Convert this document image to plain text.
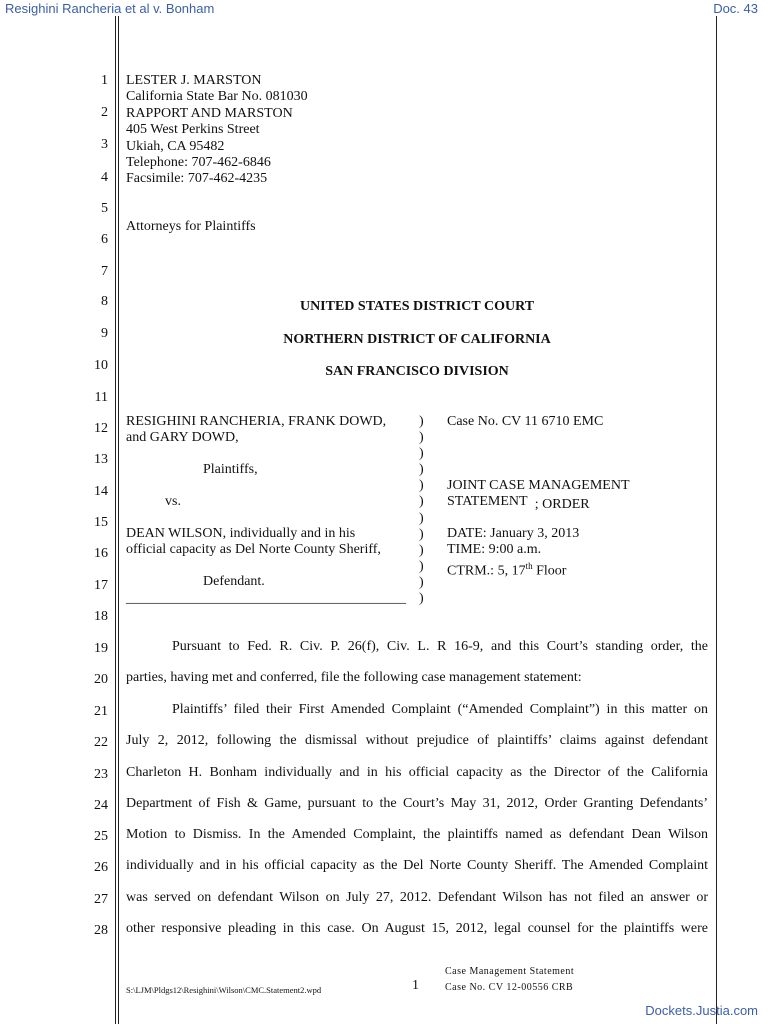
Resighini Rancheria et al v. Bonham	Doc. 43
1
2
3
4
5
6
7
8
9
10
11
12
13
14
15
16
17
18
19
20
21
22
23
24
25
26
27
28
LESTER J. MARSTON
California State Bar No. 081030
RAPPORT AND MARSTON
405 West Perkins Street
Ukiah, CA 95482
Telephone: 707-462-6846
Facsimile: 707-462-4235
Attorneys for Plaintiffs
UNITED STATES DISTRICT COURT
NORTHERN DISTRICT OF CALIFORNIA
SAN FRANCISCO DIVISION
RESIGHINI RANCHERIA, FRANK DOWD,
and GARY DOWD,
Plaintiffs,
vs.
DEAN WILSON, individually and in his
official capacity as Del Norte County Sheriff,
Defendant.
________________________________________
)
)
)
)
)
)
)
)
)
)
)
)
Case No. CV 11 6710 EMC
JOINT CASE MANAGEMENT
STATEMENT ; ORDER
DATE: January 3, 2013
TIME: 9:00 a.m.
CTRM.: 5, 17th Floor
Pursuant to Fed. R. Civ. P. 26(f), Civ. L. R 16-9, and this Court’s standing order, the
parties, having met and conferred, file the following case management statement:
Plaintiffs’ filed their First Amended Complaint (“Amended Complaint”) in this matter on
July 2, 2012, following the dismissal without prejudice of plaintiffs’ claims against defendant
Charleton H. Bonham individually and in his official capacity as the Director of the California
Department of Fish & Game, pursuant to the Court’s May 31, 2012, Order Granting Defendants’
Motion to Dismiss. In the Amended Complaint, the plaintiffs named as defendant Dean Wilson
individually and in his official capacity as the Del Norte County Sheriff. The Amended Complaint
was served on defendant Wilson on July 27, 2012. Defendant Wilson has not filed an answer or
other responsive pleading in this case. On August 15, 2012, legal counsel for the plaintiffs were
S:\LJM\Pldgs12\Resighini\Wilson\CMC.Statement2.wpd	1
Case Management Statement
Case No. CV 12-00556 CRB
Dockets.Justia.com
